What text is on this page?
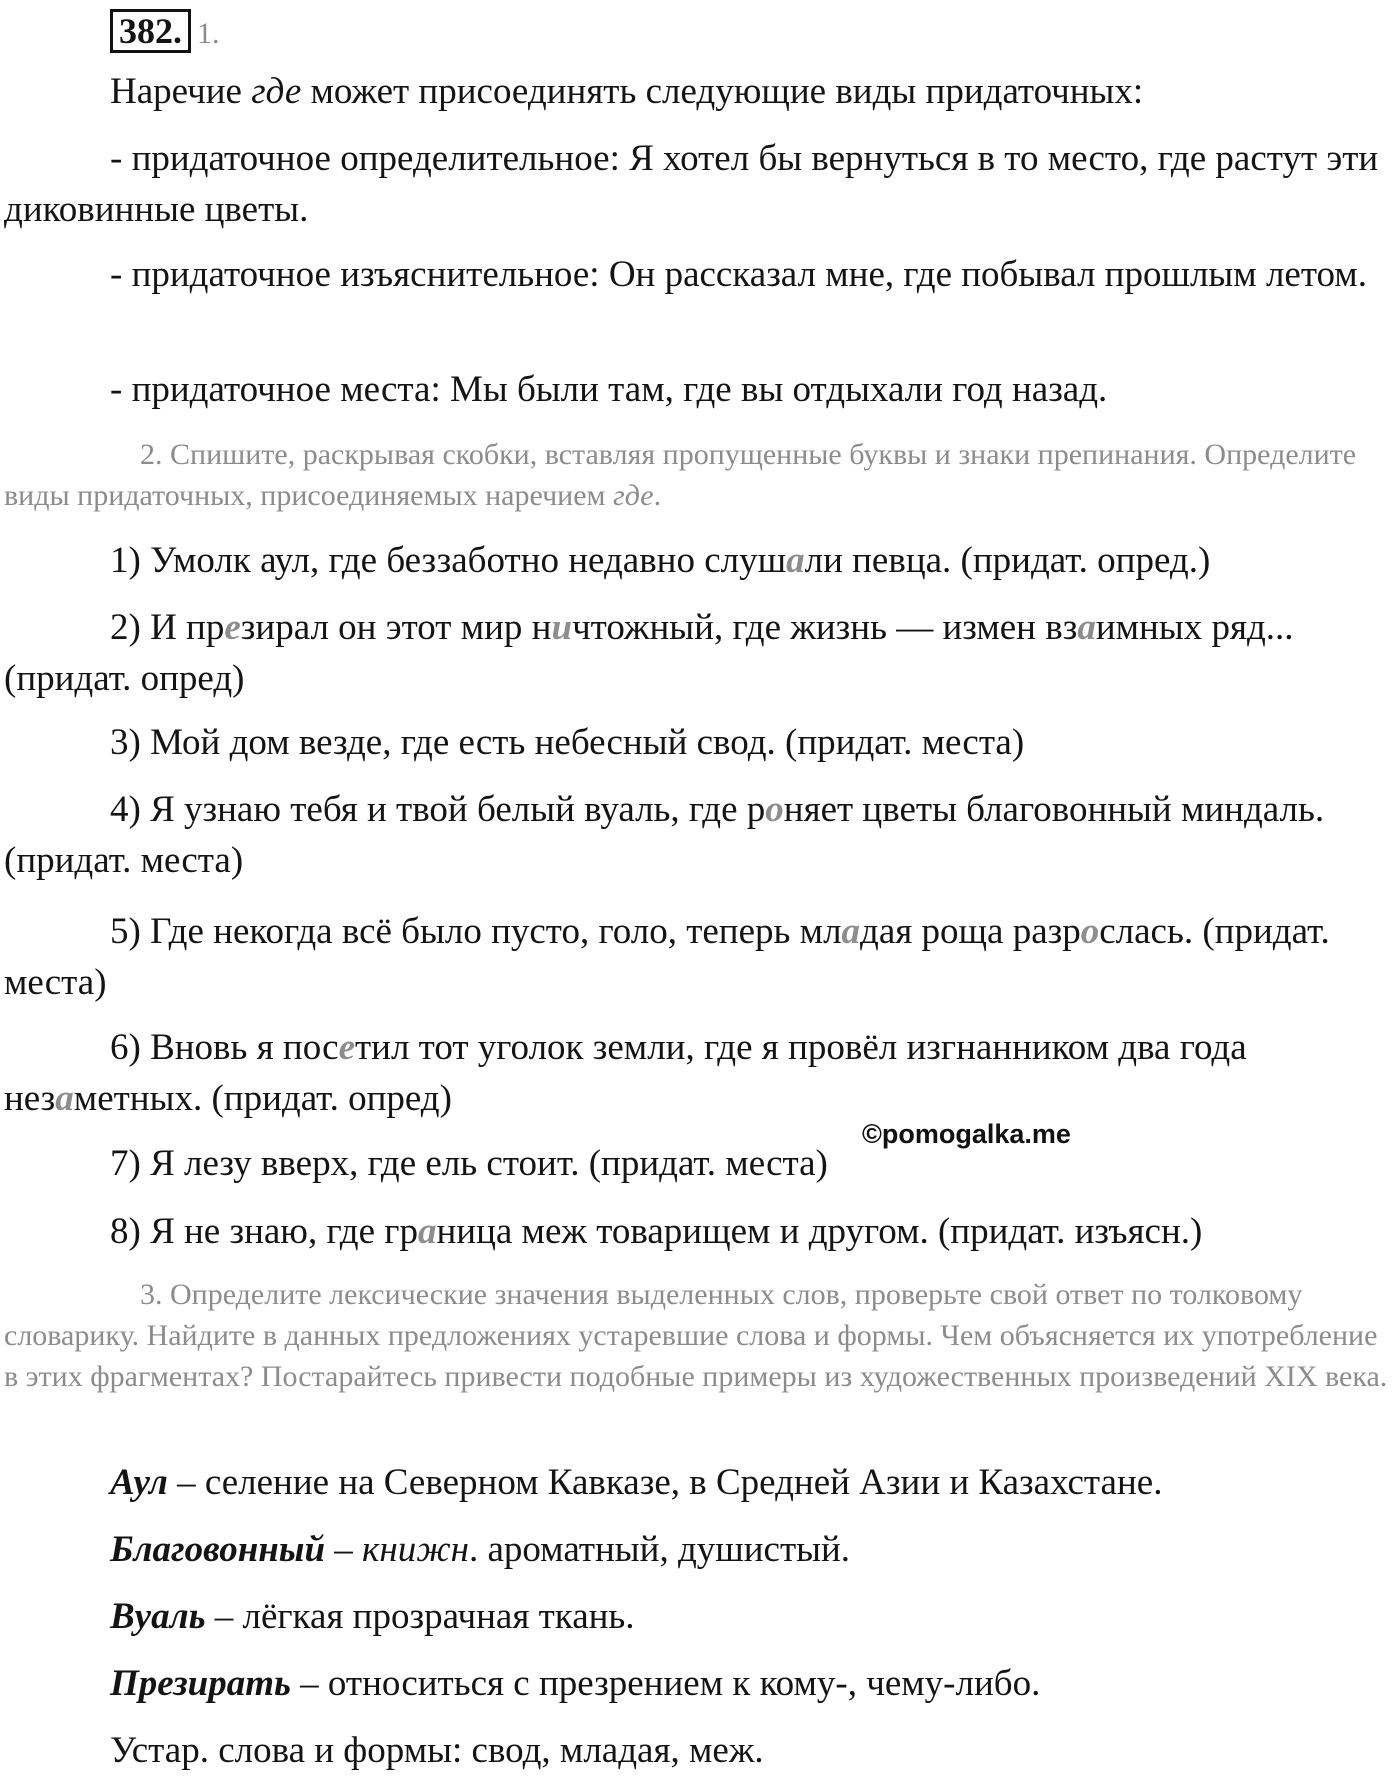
382. 1.

Наречие где может присоединять следующие виды придаточных:

- придаточное определительное: Я хотел бы вернуться в то место, где растут эти диковинные цветы.

- придаточное изъяснительное: Он рассказал мне, где побывал прошлым летом.

- придаточное места: Мы были там, где вы отдыхали год назад.

2. Спишите, раскрывая скобки, вставляя пропущенные буквы и знаки препинания. Определите виды придаточных, присоединяемых наречием где.

1) Умолк аул, где беззаботно недавно слушали певца. (придат. опред.)

2) И презирал он этот мир ничтожный, где жизнь — измен взаимных ряд... (придат. опред)

3) Мой дом везде, где есть небесный свод. (придат. места)

4) Я узнаю тебя и твой белый вуаль, где роняет цветы благовонный миндаль. (придат. места)

5) Где некогда всё было пусто, голо, теперь младая роща разрослась. (придат. места)

6) Вновь я посетил тот уголок земли, где я провёл изгнанником два года незаметных. (придат. опред)

©pomogalka.me

7) Я лезу вверх, где ель стоит. (придат. места)

8) Я не знаю, где граница меж товарищем и другом. (придат. изъясн.)

3. Определите лексические значения выделенных слов, проверьте свой ответ по толковому словарику. Найдите в данных предложениях устаревшие слова и формы. Чем объясняется их употребление в этих фрагментах? Постарайтесь привести подобные примеры из художественных произведений XIX века.

Аул – селение на Северном Кавказе, в Средней Азии и Казахстане.

Благовонный – книжн. ароматный, душистый.

Вуаль – лёгкая прозрачная ткань.

Презирать – относиться с презрением к кому-, чему-либо.

Устар. слова и формы: свод, младая, меж.
